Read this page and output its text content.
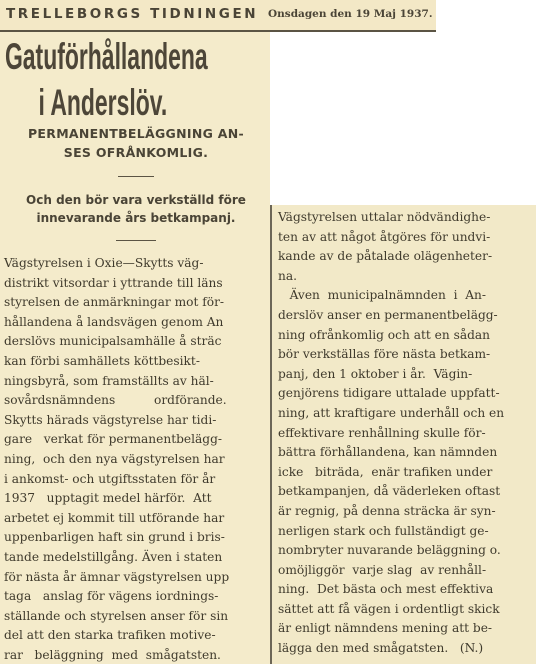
TRELLEBORGS TIDNINGEN Onsdagen den 19 Maj 1937.
Gatuförhållandena
i Anderslöv.
PERMANENTBELÄGGNING AN-
SES OFRÅNKOMLIG.
Och den bör vara verkställd före
innevarande års betkampanj.
Vägstyrelsen i Oxie—Skytts väg-
distrikt vitsordar i yttrande till läns
styrelsen de anmärkningar mot för-
hållandena å landsvägen genom An
derslövs municipalsamhälle å sträc
kan förbi samhällets köttbesikt-
ningsbyrå, som framställts av häl-
sovårdsnämndens          ordförande.
Skytts härads vägstyrelse har tidi-
gare   verkat för permanentbelägg-
ning,  och den nya vägstyrelsen har
i ankomst- och utgiftsstaten för år
1937   upptagit medel härför.  Att
arbetet ej kommit till utförande har
uppenbarligen haft sin grund i bris-
tande medelstillgång. Även i staten
för nästa år ämnar vägstyrelsen upp
taga   anslag för vägens iordnings-
ställande och styrelsen anser för sin
del att den starka trafiken motive-
rar   beläggning  med  smågatsten.
Vägstyrelsen uttalar nödvändighe-
ten av att något åtgöres för undvi-
kande av de påtalade olägenheter-
na.
Även  municipalnämnden  i  An-
derslöv anser en permanentbelägg-
ning ofrånkomlig och att en sådan
bör verkställas före nästa betkam-
panj, den 1 oktober i år.  Vägin-
genjörens tidigare uttalade uppfatt-
ning, att kraftigare underhåll och en
effektivare renhållning skulle för-
bättra förhållandena, kan nämnden
icke   biträda,  enär trafiken under
betkampanjen, då väderleken oftast
är regnig, på denna sträcka är syn-
nerligen stark och fullständigt ge-
nombryter nuvarande beläggning o.
omöjliggör  varje slag  av renhåll-
ning.  Det bästa och mest effektiva
sättet att få vägen i ordentligt skick
är enligt nämndens mening att be-
lägga den med smågatsten.   (N.)
